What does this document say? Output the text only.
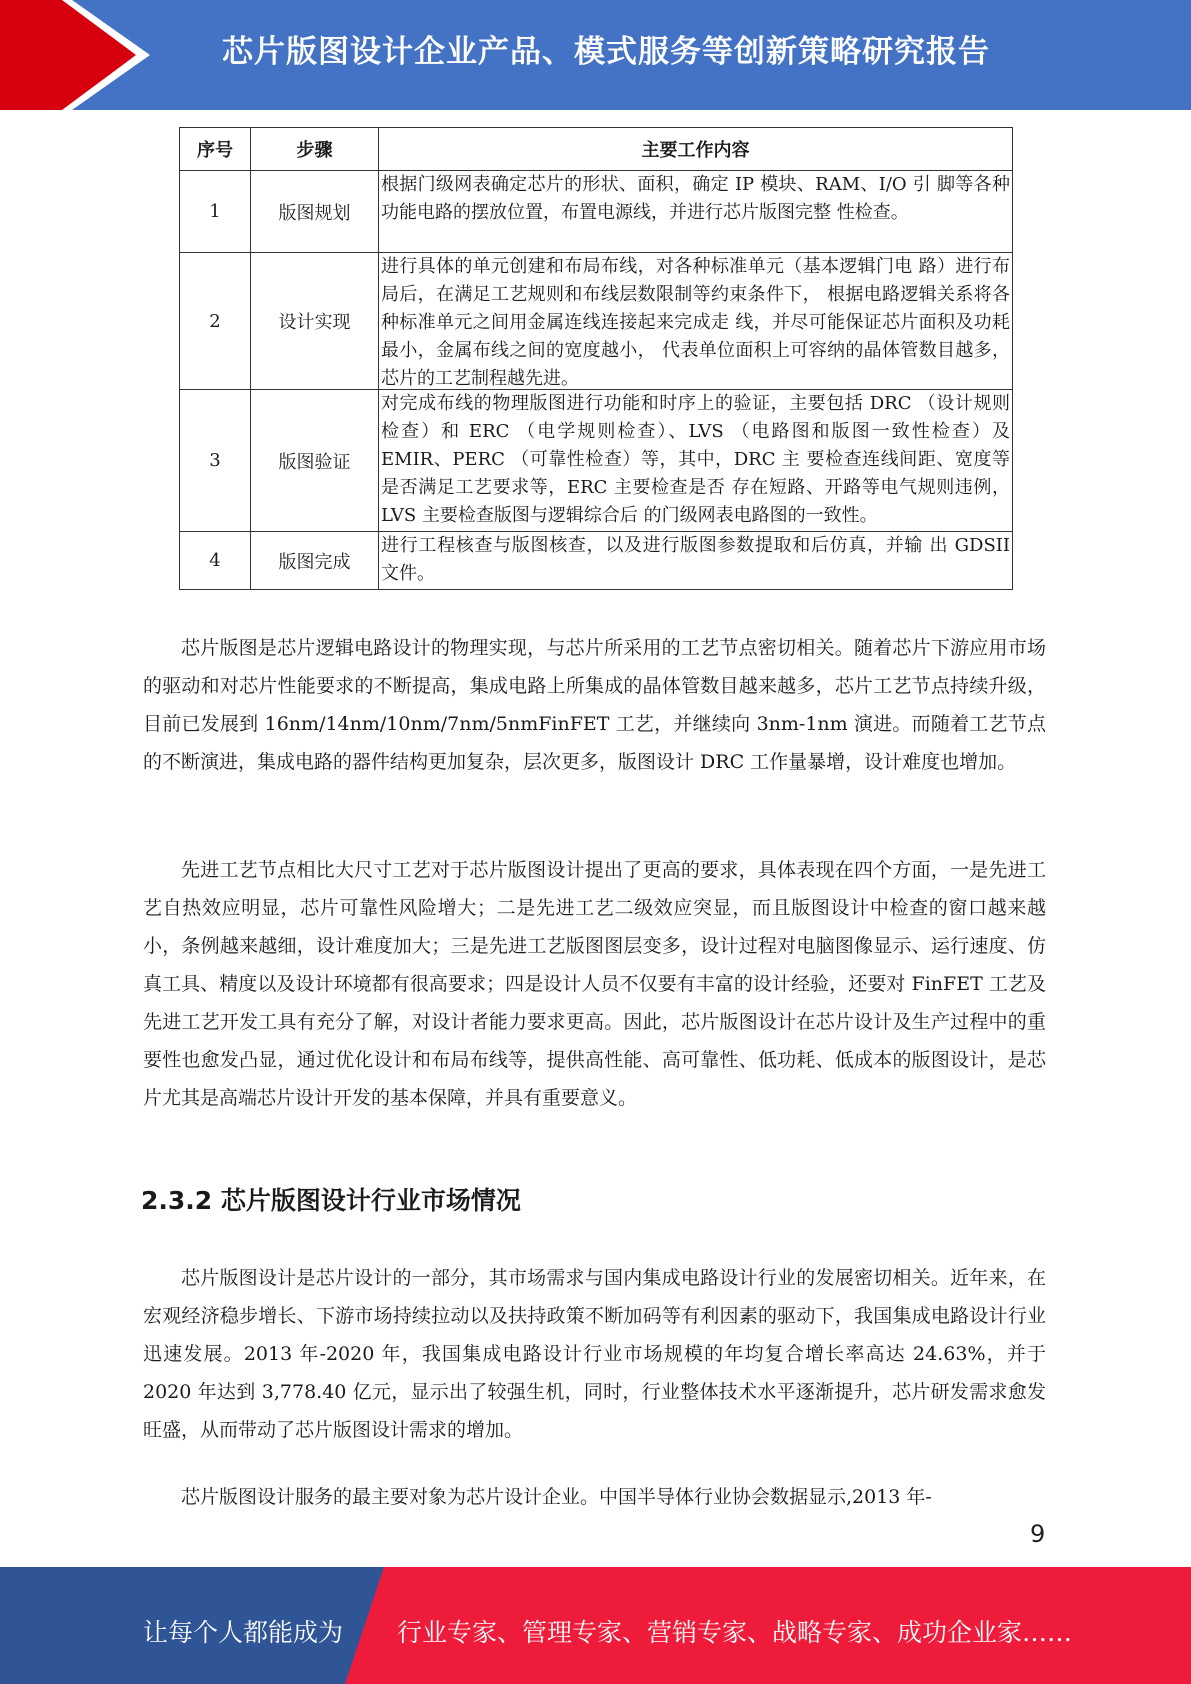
芯片版图设计企业产品、模式服务等创新策略研究报告
序号	步骤	主要工作内容
1	版图规划	根据门级网表确定芯片的形状、面积，确定 IP 模块、RAM、I/O 引 脚等各种功能电路的摆放位置，布置电源线，并进行芯片版图完整 性检查。

2	设计实现	进行具体的单元创建和布局布线，对各种标准单元（基本逻辑门电 路）进行布局后，在满足工艺规则和布线层数限制等约束条件下， 根据电路逻辑关系将各种标准单元之间用金属连线连接起来完成走 线，并尽可能保证芯片面积及功耗最小，金属布线之间的宽度越小， 代表单位面积上可容纳的晶体管数目越多，芯片的工艺制程越先进。

3	版图验证	对完成布线的物理版图进行功能和时序上的验证，主要包括 DRC （设计规则检查）和 ERC （电学规则检查）、LVS （电路图和版图一致性检查）及 EMIR、PERC （可靠性检查）等，其中，DRC 主 要检查连线间距、宽度等是否满足工艺要求等，ERC 主要检查是否 存在短路、开路等电气规则违例，LVS 主要检查版图与逻辑综合后 的门级网表电路图的一致性。

4	版图完成	进行工程核查与版图核查，以及进行版图参数提取和后仿真，并输 出 GDSII 文件。

芯片版图是芯片逻辑电路设计的物理实现，与芯片所采用的工艺节点密切相关。随着芯片下游应用市场的驱动和对芯片性能要求的不断提高，集成电路上所集成的晶体管数目越来越多，芯片工艺节点持续升级，目前已发展到 16nm/14nm/10nm/7nm/5nmFinFET 工艺，并继续向 3nm-1nm 演进。而随着工艺节点的不断演进，集成电路的器件结构更加复杂，层次更多，版图设计 DRC 工作量暴增，设计难度也增加。

先进工艺节点相比大尺寸工艺对于芯片版图设计提出了更高的要求，具体表现在四个方面，一是先进工艺自热效应明显，芯片可靠性风险增大；二是先进工艺二级效应突显，而且版图设计中检查的窗口越来越小，条例越来越细，设计难度加大；三是先进工艺版图图层变多，设计过程对电脑图像显示、运行速度、仿真工具、精度以及设计环境都有很高要求；四是设计人员不仅要有丰富的设计经验，还要对 FinFET 工艺及先进工艺开发工具有充分了解，对设计者能力要求更高。因此，芯片版图设计在芯片设计及生产过程中的重要性也愈发凸显，通过优化设计和布局布线等，提供高性能、高可靠性、低功耗、低成本的版图设计，是芯片尤其是高端芯片设计开发的基本保障，并具有重要意义。

2.3.2 芯片版图设计行业市场情况

芯片版图设计是芯片设计的一部分，其市场需求与国内集成电路设计行业的发展密切相关。近年来，在宏观经济稳步增长、下游市场持续拉动以及扶持政策不断加码等有利因素的驱动下，我国集成电路设计行业迅速发展。2013 年-2020 年，我国集成电路设计行业市场规模的年均复合增长率高达 24.63%，并于 2020 年达到 3,778.40 亿元，显示出了较强生机，同时，行业整体技术水平逐渐提升，芯片研发需求愈发旺盛，从而带动了芯片版图设计需求的增加。

芯片版图设计服务的最主要对象为芯片设计企业。中国半导体行业协会数据显示,2013 年-

9
让每个人都能成为 行业专家、管理专家、营销专家、战略专家、成功企业家……
